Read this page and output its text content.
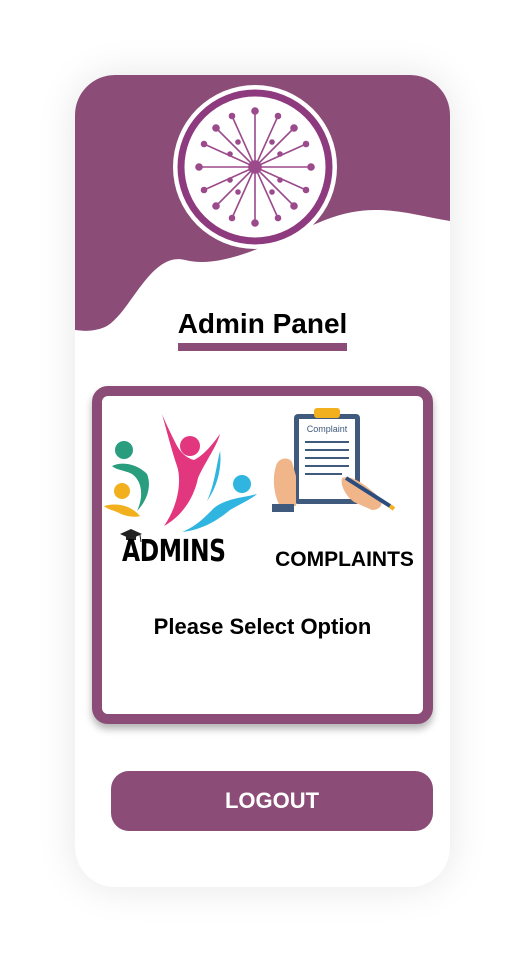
Admin Panel
ADMINS
Complaint
COMPLAINTS
Please Select Option
LOGOUT
